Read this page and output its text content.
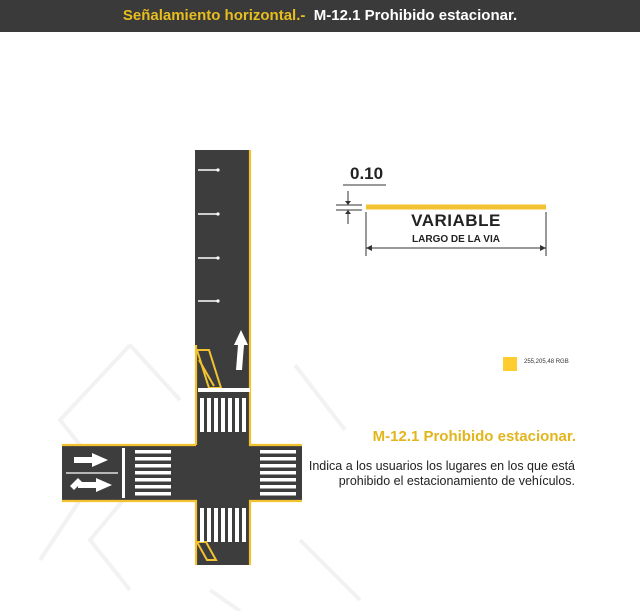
Señalamiento horizontal.- M-12.1 Prohibido estacionar.
0.10
VARIABLE
LARGO DE LA VIA
255,205,48 RGB
M-12.1 Prohibido estacionar.
Indica a los usuarios los lugares en los que está prohibido el estacionamiento de vehículos.
